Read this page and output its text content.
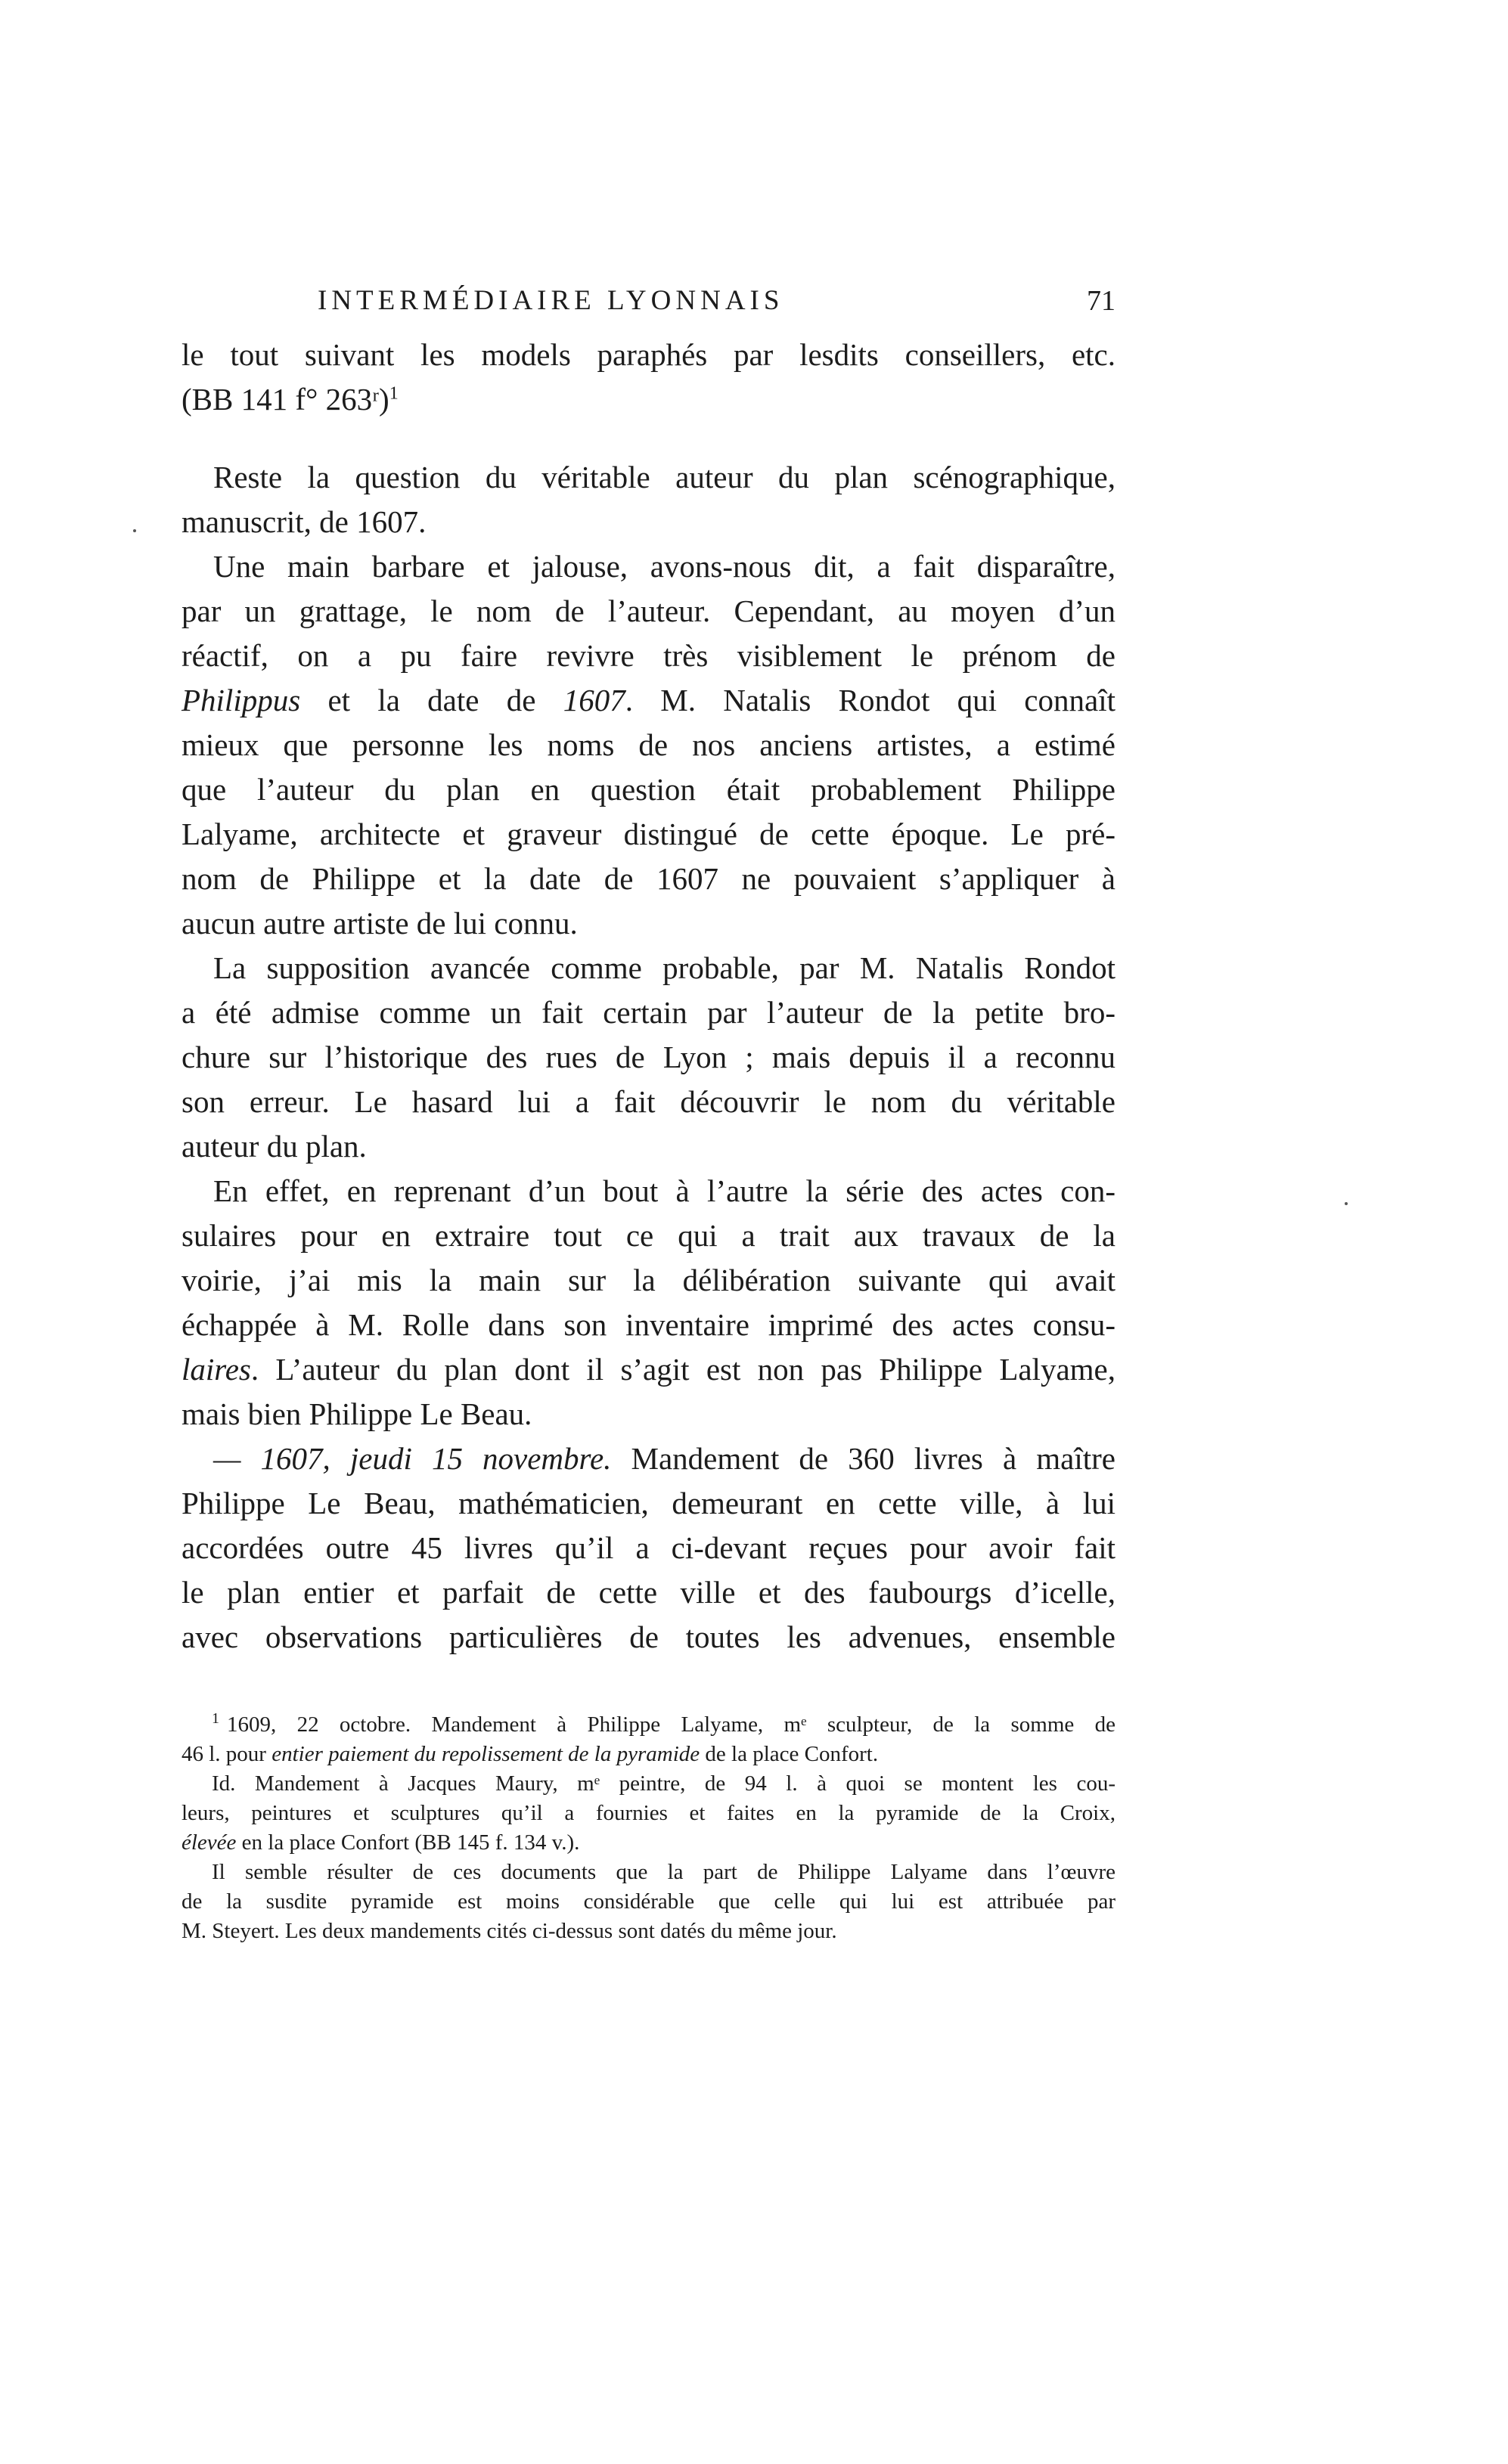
INTERMÉDIAIRE LYONNAIS	71
le tout suivant les models paraphés par lesdits conseillers, etc.
(BB 141 f° 263ʳ)$^1$
Reste la question du véritable auteur du plan scénographique,
manuscrit, de 1607.
Une main barbare et jalouse, avons-nous dit, a fait disparaître,
par un grattage, le nom de l’auteur. Cependant, au moyen d’un
réactif, on a pu faire revivre très visiblement le prénom de
Philippus et la date de 1607. M. Natalis Rondot qui connaît
mieux que personne les noms de nos anciens artistes, a estimé
que l’auteur du plan en question était probablement Philippe
Lalyame, architecte et graveur distingué de cette époque. Le pré-
nom de Philippe et la date de 1607 ne pouvaient s’appliquer à
aucun autre artiste de lui connu.
La supposition avancée comme probable, par M. Natalis Rondot
a été admise comme un fait certain par l’auteur de la petite bro-
chure sur l’historique des rues de Lyon ; mais depuis il a reconnu
son erreur. Le hasard lui a fait découvrir le nom du véritable
auteur du plan.
En effet, en reprenant d’un bout à l’autre la série des actes con-
sulaires pour en extraire tout ce qui a trait aux travaux de la
voirie, j’ai mis la main sur la délibération suivante qui avait
échappée à M. Rolle dans son inventaire imprimé des actes consu-
laires. L’auteur du plan dont il s’agit est non pas Philippe Lalyame,
mais bien Philippe Le Beau.
— 1607, jeudi 15 novembre. Mandement de 360 livres à maître
Philippe Le Beau, mathématicien, demeurant en cette ville, à lui
accordées outre 45 livres qu’il a ci-devant reçues pour avoir fait
le plan entier et parfait de cette ville et des faubourgs d’icelle,
avec observations particulières de toutes les advenues, ensemble
$^1$ 1609, 22 octobre. Mandement à Philippe Lalyame, mᵉ sculpteur, de la somme de
46 l. pour entier paiement du repolissement de la pyramide de la place Confort.
Id. Mandement à Jacques Maury, mᵉ peintre, de 94 l. à quoi se montent les cou-
leurs, peintures et sculptures qu’il a fournies et faites en la pyramide de la Croix,
élevée en la place Confort (BB 145 f. 134 v.).
Il semble résulter de ces documents que la part de Philippe Lalyame dans l’œuvre
de la susdite pyramide est moins considérable que celle qui lui est attribuée par
M. Steyert. Les deux mandements cités ci-dessus sont datés du même jour.
